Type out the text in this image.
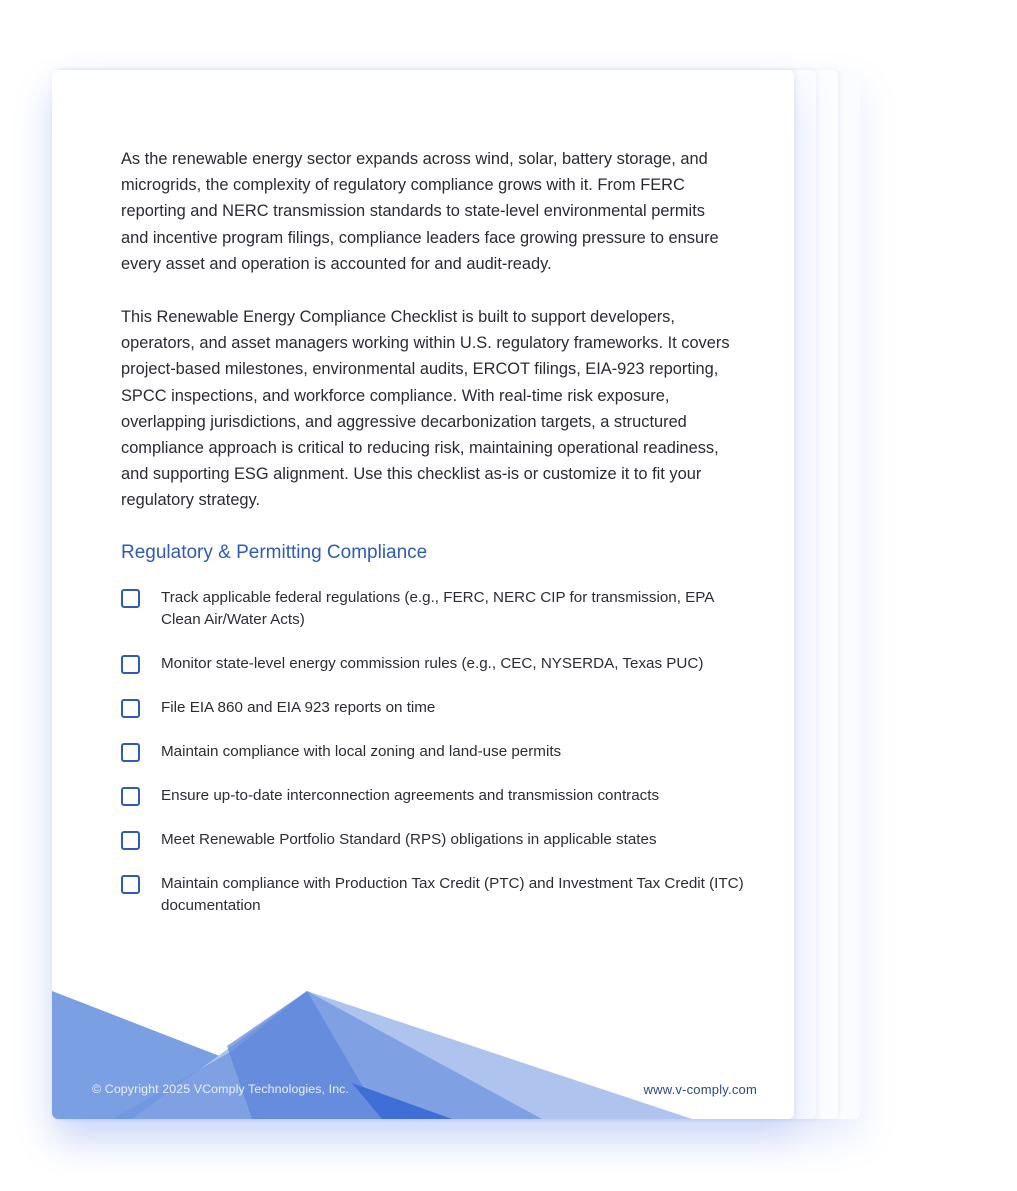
As the renewable energy sector expands across wind, solar, battery storage, and microgrids, the complexity of regulatory compliance grows with it. From FERC reporting and NERC transmission standards to state-level environmental permits and incentive program filings, compliance leaders face growing pressure to ensure every asset and operation is accounted for and audit-ready.

This Renewable Energy Compliance Checklist is built to support developers, operators, and asset managers working within U.S. regulatory frameworks. It covers project-based milestones, environmental audits, ERCOT filings, EIA-923 reporting, SPCC inspections, and workforce compliance. With real-time risk exposure, overlapping jurisdictions, and aggressive decarbonization targets, a structured compliance approach is critical to reducing risk, maintaining operational readiness, and supporting ESG alignment. Use this checklist as-is or customize it to fit your regulatory strategy.

Regulatory & Permitting Compliance
Track applicable federal regulations (e.g., FERC, NERC CIP for transmission, EPA Clean Air/Water Acts)
Monitor state-level energy commission rules (e.g., CEC, NYSERDA, Texas PUC)
File EIA 860 and EIA 923 reports on time
Maintain compliance with local zoning and land-use permits
Ensure up-to-date interconnection agreements and transmission contracts
Meet Renewable Portfolio Standard (RPS) obligations in applicable states
Maintain compliance with Production Tax Credit (PTC) and Investment Tax Credit (ITC) documentation
© Copyright 2025 VComply Technologies, Inc.	www.v-comply.com
